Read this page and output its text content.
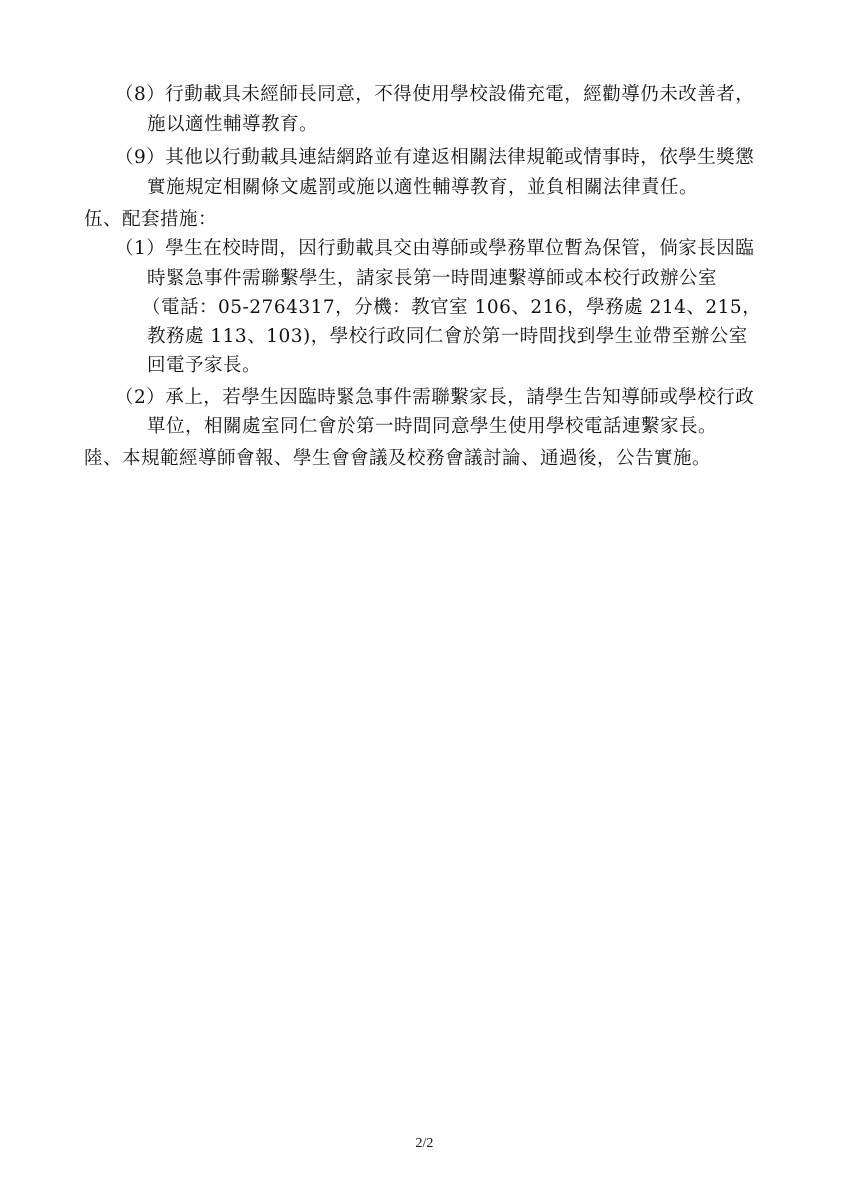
（8）行動載具未經師長同意，不得使用學校設備充電，經勸導仍未改善者，
施以適性輔導教育。
（9）其他以行動載具連結網路並有違返相關法律規範或情事時，依學生獎懲
實施規定相關條文處罰或施以適性輔導教育，並負相關法律責任。
伍、配套措施：
（1）學生在校時間，因行動載具交由導師或學務單位暫為保管，倘家長因臨
時緊急事件需聯繫學生，請家長第一時間連繫導師或本校行政辦公室
（電話：05-2764317，分機：教官室 106、216，學務處 214、215，
教務處 113、103)，學校行政同仁會於第一時間找到學生並帶至辦公室
回電予家長。
（2）承上，若學生因臨時緊急事件需聯繫家長，請學生告知導師或學校行政
單位，相關處室同仁會於第一時間同意學生使用學校電話連繫家長。
陸、本規範經導師會報、學生會會議及校務會議討論、通過後，公告實施。
2/2
